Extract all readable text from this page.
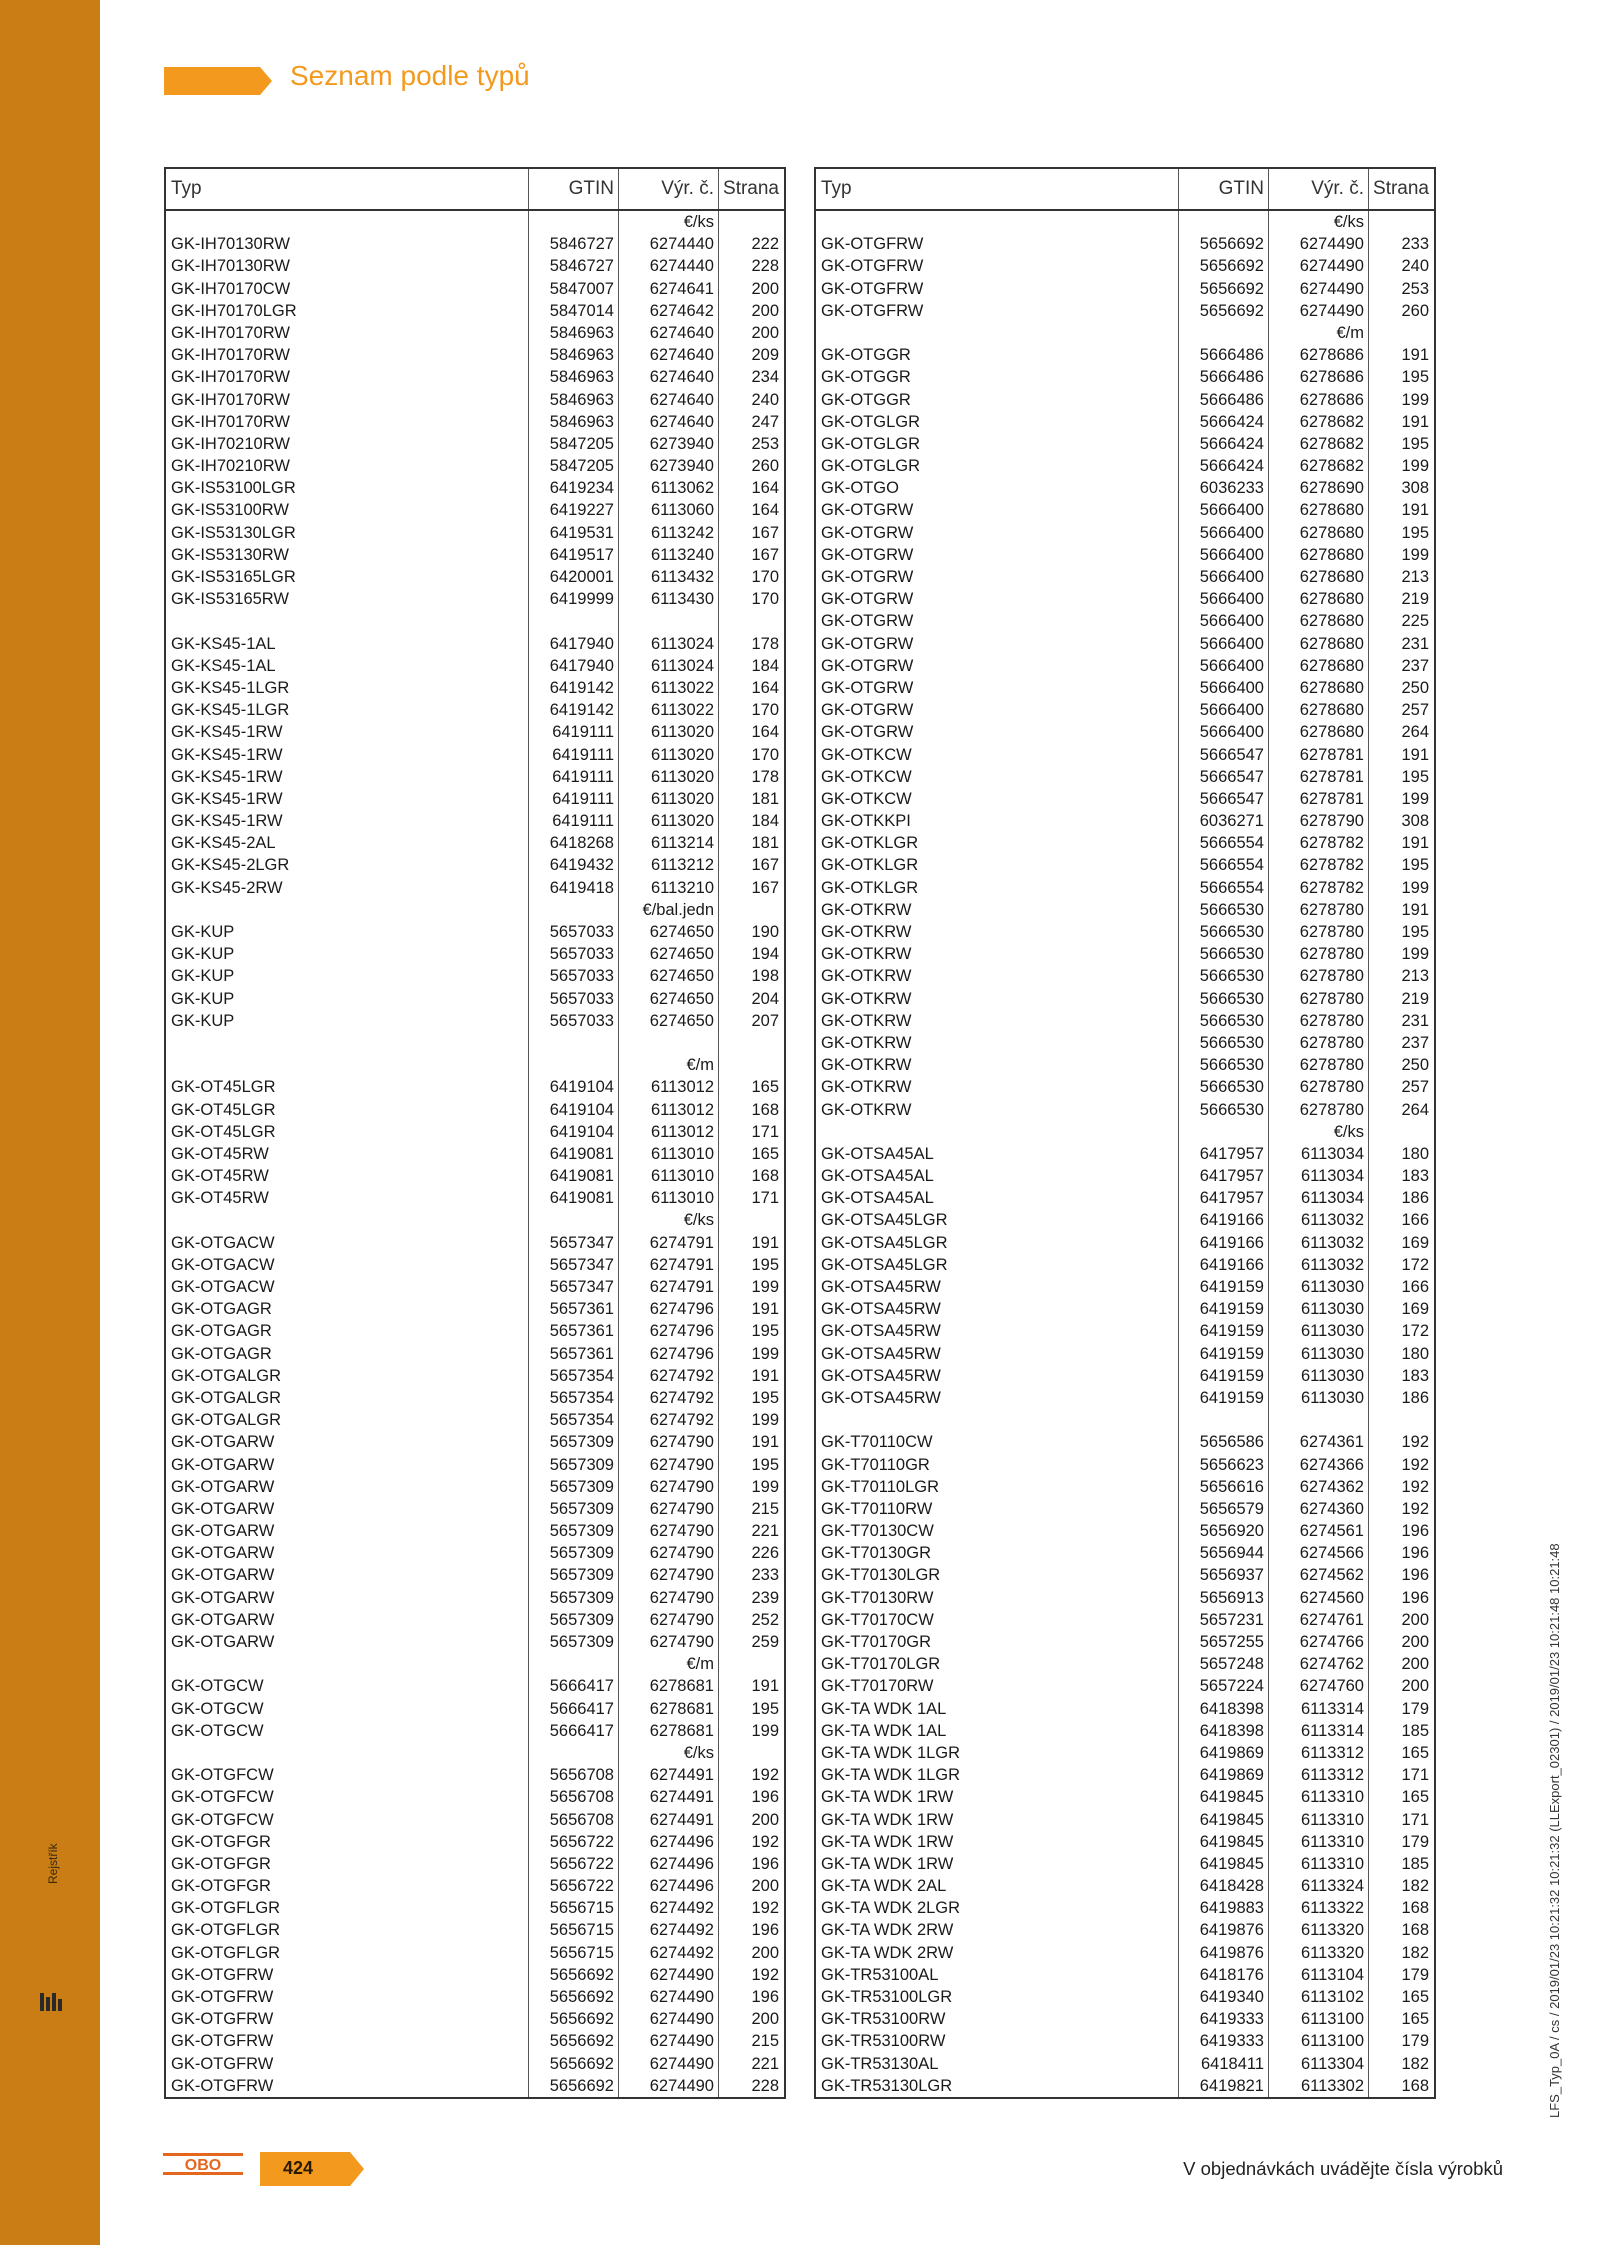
Rejstřík
Seznam podle typů
Typ	GTIN	Výr. č. Strana
€/ks
GK-IH70130RW	5846727	6274440	222
GK-IH70130RW	5846727	6274440	228
GK-IH70170CW	5847007	6274641	200
GK-IH70170LGR	5847014	6274642	200
GK-IH70170RW	5846963	6274640	200
GK-IH70170RW	5846963	6274640	209
GK-IH70170RW	5846963	6274640	234
GK-IH70170RW	5846963	6274640	240
GK-IH70170RW	5846963	6274640	247
GK-IH70210RW	5847205	6273940	253
GK-IH70210RW	5847205	6273940	260
GK-IS53100LGR	6419234	6113062	164
GK-IS53100RW	6419227	6113060	164
GK-IS53130LGR	6419531	6113242	167
GK-IS53130RW	6419517	6113240	167
GK-IS53165LGR	6420001	6113432	170
GK-IS53165RW	6419999	6113430	170
GK-KS45-1AL	6417940	6113024	178
GK-KS45-1AL	6417940	6113024	184
GK-KS45-1LGR	6419142	6113022	164
GK-KS45-1LGR	6419142	6113022	170
GK-KS45-1RW	6419111	6113020	164
GK-KS45-1RW	6419111	6113020	170
GK-KS45-1RW	6419111	6113020	178
GK-KS45-1RW	6419111	6113020	181
GK-KS45-1RW	6419111	6113020	184
GK-KS45-2AL	6418268	6113214	181
GK-KS45-2LGR	6419432	6113212	167
GK-KS45-2RW	6419418	6113210	167
€/bal.jedn
GK-KUP	5657033	6274650	190
GK-KUP	5657033	6274650	194
GK-KUP	5657033	6274650	198
GK-KUP	5657033	6274650	204
GK-KUP	5657033	6274650	207
€/m
GK-OT45LGR	6419104	6113012	165
GK-OT45LGR	6419104	6113012	168
GK-OT45LGR	6419104	6113012	171
GK-OT45RW	6419081	6113010	165
GK-OT45RW	6419081	6113010	168
GK-OT45RW	6419081	6113010	171
€/ks
GK-OTGACW	5657347	6274791	191
GK-OTGACW	5657347	6274791	195
GK-OTGACW	5657347	6274791	199
GK-OTGAGR	5657361	6274796	191
GK-OTGAGR	5657361	6274796	195
GK-OTGAGR	5657361	6274796	199
GK-OTGALGR	5657354	6274792	191
GK-OTGALGR	5657354	6274792	195
GK-OTGALGR	5657354	6274792	199
GK-OTGARW	5657309	6274790	191
GK-OTGARW	5657309	6274790	195
GK-OTGARW	5657309	6274790	199
GK-OTGARW	5657309	6274790	215
GK-OTGARW	5657309	6274790	221
GK-OTGARW	5657309	6274790	226
GK-OTGARW	5657309	6274790	233
GK-OTGARW	5657309	6274790	239
GK-OTGARW	5657309	6274790	252
GK-OTGARW	5657309	6274790	259
€/m
GK-OTGCW	5666417	6278681	191
GK-OTGCW	5666417	6278681	195
GK-OTGCW	5666417	6278681	199
€/ks
GK-OTGFCW	5656708	6274491	192
GK-OTGFCW	5656708	6274491	196
GK-OTGFCW	5656708	6274491	200
GK-OTGFGR	5656722	6274496	192
GK-OTGFGR	5656722	6274496	196
GK-OTGFGR	5656722	6274496	200
GK-OTGFLGR	5656715	6274492	192
GK-OTGFLGR	5656715	6274492	196
GK-OTGFLGR	5656715	6274492	200
GK-OTGFRW	5656692	6274490	192
GK-OTGFRW	5656692	6274490	196
GK-OTGFRW	5656692	6274490	200
GK-OTGFRW	5656692	6274490	215
GK-OTGFRW	5656692	6274490	221
GK-OTGFRW	5656692	6274490	228
Typ	GTIN	Výr. č. Strana
€/ks
GK-OTGFRW	5656692	6274490	233
GK-OTGFRW	5656692	6274490	240
GK-OTGFRW	5656692	6274490	253
GK-OTGFRW	5656692	6274490	260
€/m
GK-OTGGR	5666486	6278686	191
GK-OTGGR	5666486	6278686	195
GK-OTGGR	5666486	6278686	199
GK-OTGLGR	5666424	6278682	191
GK-OTGLGR	5666424	6278682	195
GK-OTGLGR	5666424	6278682	199
GK-OTGO	6036233	6278690	308
GK-OTGRW	5666400	6278680	191
GK-OTGRW	5666400	6278680	195
GK-OTGRW	5666400	6278680	199
GK-OTGRW	5666400	6278680	213
GK-OTGRW	5666400	6278680	219
GK-OTGRW	5666400	6278680	225
GK-OTGRW	5666400	6278680	231
GK-OTGRW	5666400	6278680	237
GK-OTGRW	5666400	6278680	250
GK-OTGRW	5666400	6278680	257
GK-OTGRW	5666400	6278680	264
GK-OTKCW	5666547	6278781	191
GK-OTKCW	5666547	6278781	195
GK-OTKCW	5666547	6278781	199
GK-OTKKPI	6036271	6278790	308
GK-OTKLGR	5666554	6278782	191
GK-OTKLGR	5666554	6278782	195
GK-OTKLGR	5666554	6278782	199
GK-OTKRW	5666530	6278780	191
GK-OTKRW	5666530	6278780	195
GK-OTKRW	5666530	6278780	199
GK-OTKRW	5666530	6278780	213
GK-OTKRW	5666530	6278780	219
GK-OTKRW	5666530	6278780	231
GK-OTKRW	5666530	6278780	237
GK-OTKRW	5666530	6278780	250
GK-OTKRW	5666530	6278780	257
GK-OTKRW	5666530	6278780	264
€/ks
GK-OTSA45AL	6417957	6113034	180
GK-OTSA45AL	6417957	6113034	183
GK-OTSA45AL	6417957	6113034	186
GK-OTSA45LGR	6419166	6113032	166
GK-OTSA45LGR	6419166	6113032	169
GK-OTSA45LGR	6419166	6113032	172
GK-OTSA45RW	6419159	6113030	166
GK-OTSA45RW	6419159	6113030	169
GK-OTSA45RW	6419159	6113030	172
GK-OTSA45RW	6419159	6113030	180
GK-OTSA45RW	6419159	6113030	183
GK-OTSA45RW	6419159	6113030	186
GK-T70110CW	5656586	6274361	192
GK-T70110GR	5656623	6274366	192
GK-T70110LGR	5656616	6274362	192
GK-T70110RW	5656579	6274360	192
GK-T70130CW	5656920	6274561	196
GK-T70130GR	5656944	6274566	196
GK-T70130LGR	5656937	6274562	196
GK-T70130RW	5656913	6274560	196
GK-T70170CW	5657231	6274761	200
GK-T70170GR	5657255	6274766	200
GK-T70170LGR	5657248	6274762	200
GK-T70170RW	5657224	6274760	200
GK-TA WDK 1AL	6418398	6113314	179
GK-TA WDK 1AL	6418398	6113314	185
GK-TA WDK 1LGR	6419869	6113312	165
GK-TA WDK 1LGR	6419869	6113312	171
GK-TA WDK 1RW	6419845	6113310	165
GK-TA WDK 1RW	6419845	6113310	171
GK-TA WDK 1RW	6419845	6113310	179
GK-TA WDK 1RW	6419845	6113310	185
GK-TA WDK 2AL	6418428	6113324	182
GK-TA WDK 2LGR	6419883	6113322	168
GK-TA WDK 2RW	6419876	6113320	168
GK-TA WDK 2RW	6419876	6113320	182
GK-TR53100AL	6418176	6113104	179
GK-TR53100LGR	6419340	6113102	165
GK-TR53100RW	6419333	6113100	165
GK-TR53100RW	6419333	6113100	179
GK-TR53130AL	6418411	6113304	182
GK-TR53130LGR	6419821	6113302	168
OBO	424	V objednávkách uvádějte čísla výrobků
LFS_Typ_0A / cs / 2019/01/23 10:21:32 10:21:32 (LLExport_02301) / 2019/01/23 10:21:48 10:21:48
